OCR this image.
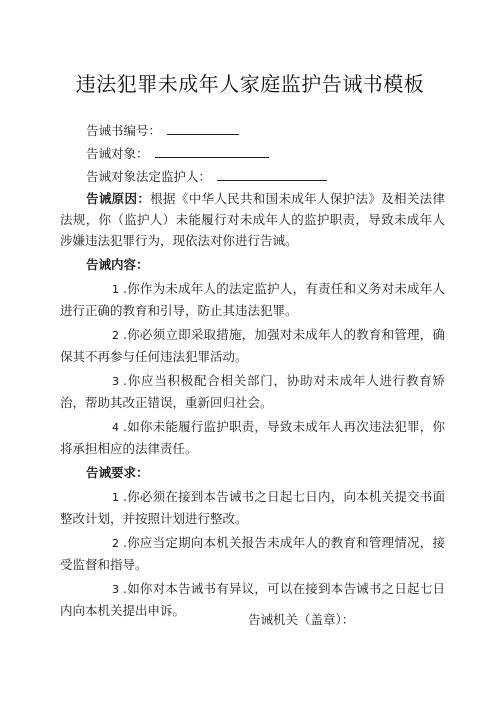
违法犯罪未成年人家庭监护告诫书模板
告诫书编号：
告诫对象：
告诫对象法定监护人：

告诫原因：根据《中华人民共和国未成年人保护法》及相关法律法规，你（监护人）未能履行对未成年人的监护职责，导致未成年人涉嫌违法犯罪行为，现依法对你进行告诫。

告诫内容：

1 .你作为未成年人的法定监护人，有责任和义务对未成年人进行正确的教育和引导，防止其违法犯罪。

2 .你必须立即采取措施，加强对未成年人的教育和管理，确保其不再参与任何违法犯罪活动。

3 .你应当积极配合相关部门，协助对未成年人进行教育矫治，帮助其改正错误，重新回归社会。

4 .如你未能履行监护职责，导致未成年人再次违法犯罪，你将承担相应的法律责任。

告诫要求：

1 .你必须在接到本告诫书之日起七日内，向本机关提交书面整改计划，并按照计划进行整改。

2 .你应当定期向本机关报告未成年人的教育和管理情况，接受监督和指导。

3 .如你对本告诫书有异议，可以在接到本告诫书之日起七日内向本机关提出申诉。

告诫机关（盖章）：
